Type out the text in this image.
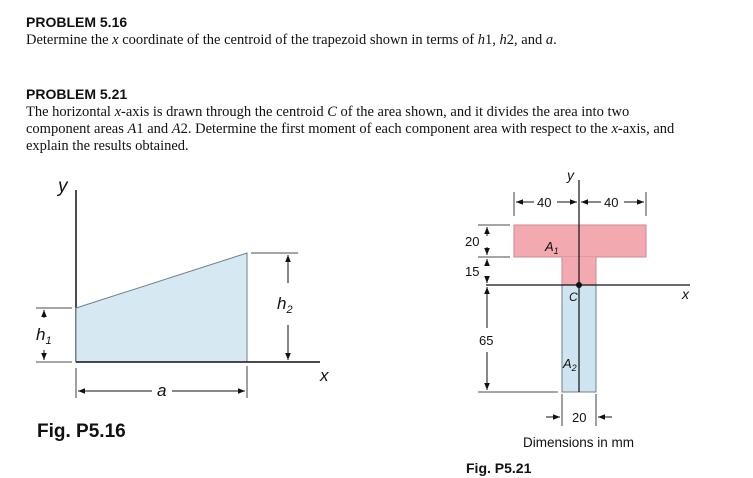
PROBLEM 5.16
Determine the x coordinate of the centroid of the trapezoid shown in terms of h1, h2, and a.
PROBLEM 5.21
The horizontal x-axis is drawn through the centroid C of the area shown, and it divides the area into two
component areas A1 and A2. Determine the first moment of each component area with respect to the x-axis, and
explain the results obtained.
y
x
$h_1$
$h_2$
a
Fig. P5.16
y
x
C
$A_1$
$A_2$
40	40
20
15
65
20
Dimensions in mm
Fig. P5.21
